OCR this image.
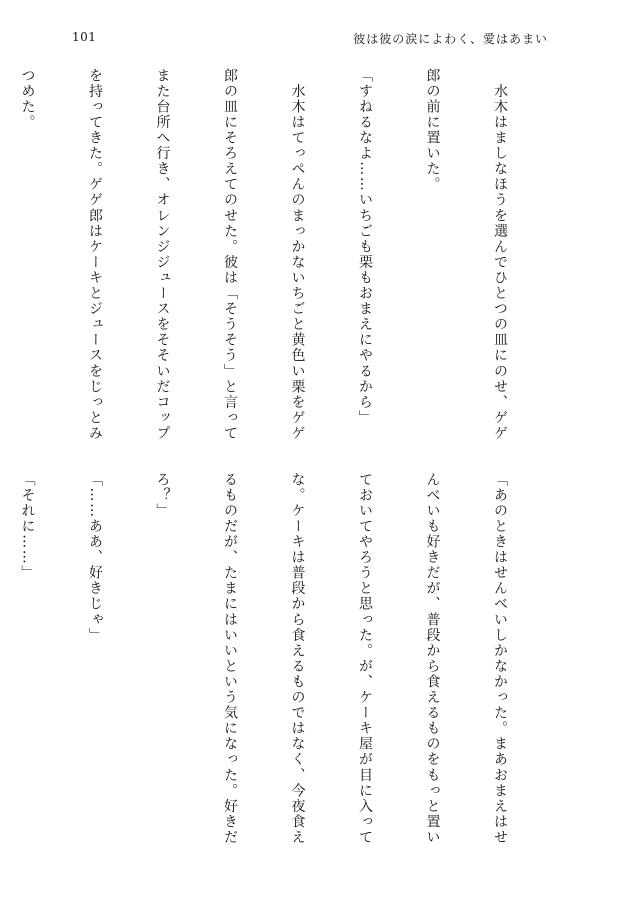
101	彼は彼の涙によわく、愛はあまい

　水木はましなほうを選んでひとつの皿にのせ、ゲゲ

郎の前に置いた。

「すねるなよ……いちごも栗もおまえにやるから」

　水木はてっぺんのまっかないちごと黄色い栗をゲゲ

郎の皿にそろえてのせた。彼は「そうそう」と言って

また台所へ行き、オレンジジュースをそそいだコップ

を持ってきた。ゲゲ郎はケーキとジュースをじっとみ

つめた。

「あのときはせんべいしかなかった。まあおまえはせ

んべいも好きだが、普段から食えるものをもっと置い

ておいてやろうと思った。が、ケーキ屋が目に入って

な。ケーキは普段から食えるものではなく、今夜食え

るものだが、たまにはいいという気になった。好きだ

ろ？」

「……ああ、好きじゃ」

「それに……」
